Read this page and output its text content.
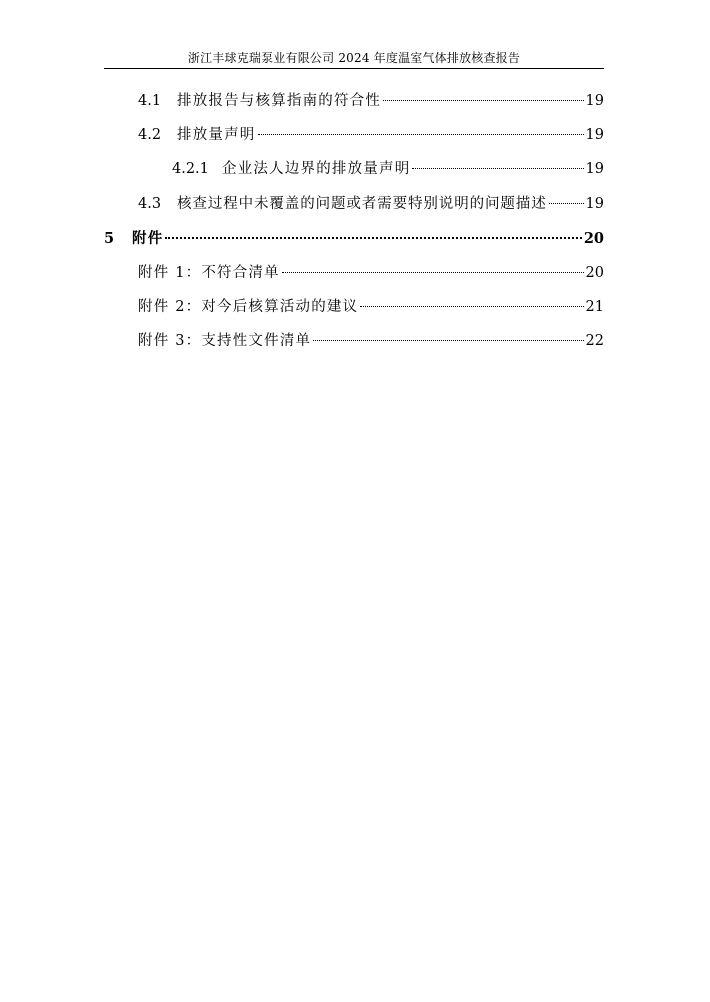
浙江丰球克瑞泵业有限公司 2024 年度温室气体排放核查报告
4.1	排放报告与核算指南的符合性	19
4.2	排放量声明	19
4.2.1 企业法人边界的排放量声明	19
4.3	核查过程中未覆盖的问题或者需要特别说明的问题描述	19
5	附件	20
附件 1：不符合清单	20
附件 2：对今后核算活动的建议	21
附件 3：支持性文件清单	22
